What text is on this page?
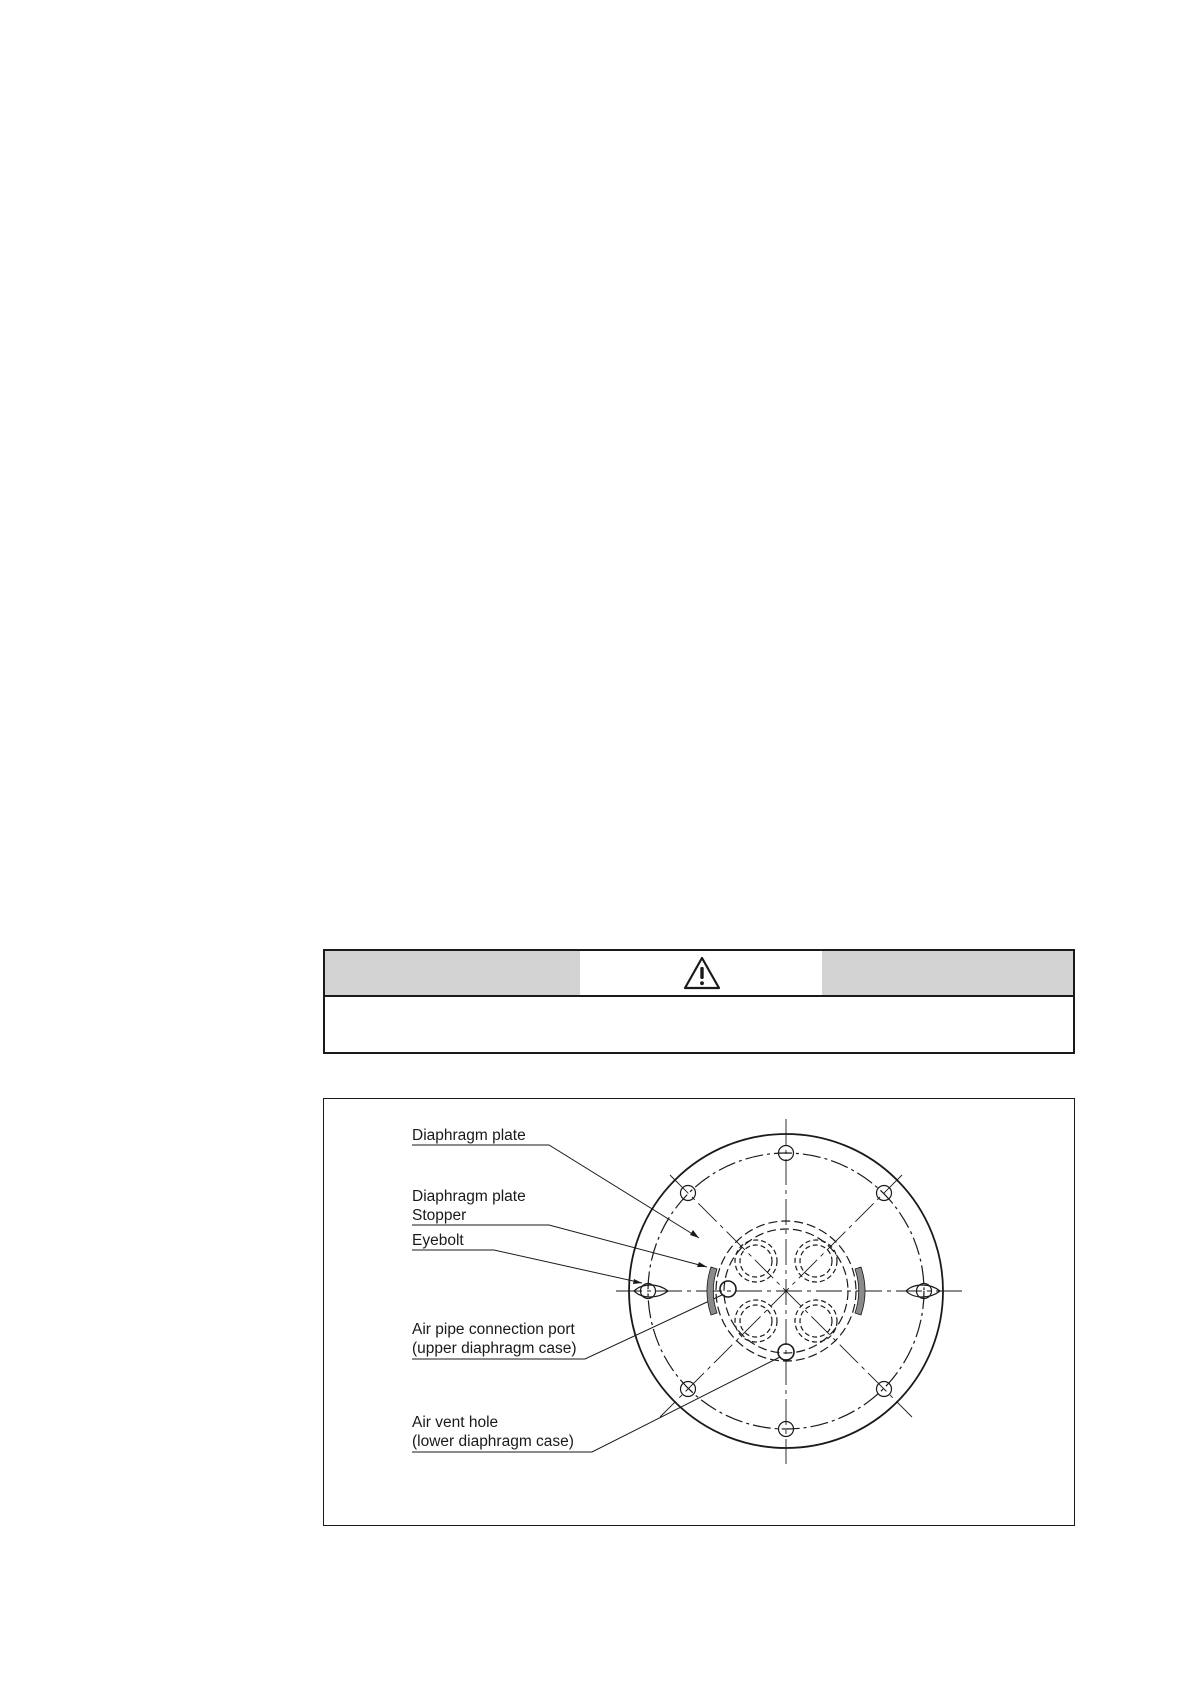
Diaphragm plate
Diaphragm plate
Stopper
Eyebolt
Air pipe connection port
(upper diaphragm case)
Air vent hole
(lower diaphragm case)
